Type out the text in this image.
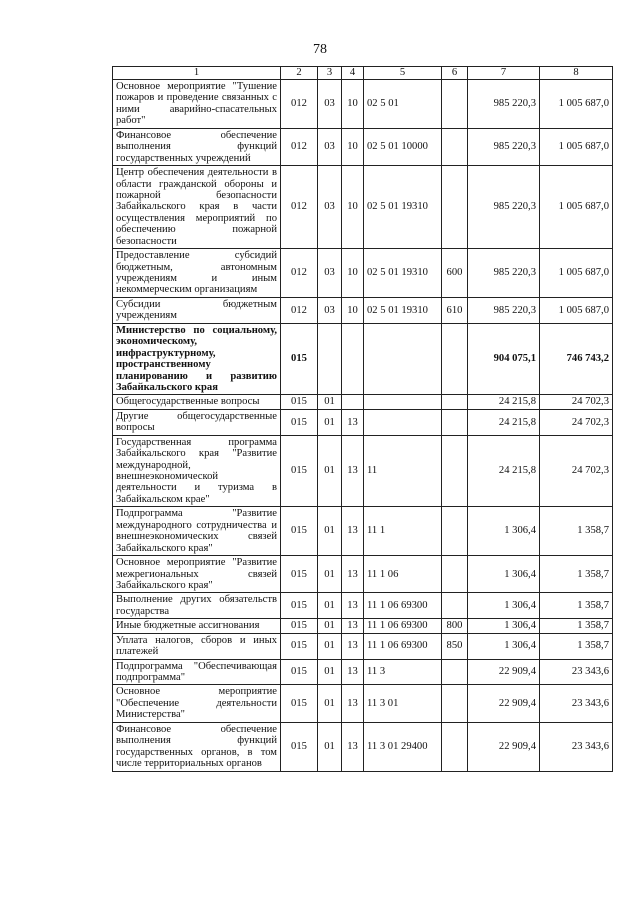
78
1	2	3	4	5	6	7	8
Основное мероприятие "Тушение пожаров и проведение связанных с ними аварийно-спасательных работ"	012	03	10	02 5 01		985 220,3	1 005 687,0
Финансовое обеспечение выполнения функций государственных учреждений	012	03	10	02 5 01 10000		985 220,3	1 005 687,0
Центр обеспечения деятельности в области гражданской обороны и пожарной безопасности Забайкальского края в части осуществления мероприятий по обеспечению пожарной безопасности	012	03	10	02 5 01 19310		985 220,3	1 005 687,0
Предоставление субсидий бюджетным, автономным учреждениям и иным некоммерческим организациям	012	03	10	02 5 01 19310	600	985 220,3	1 005 687,0
Субсидии бюджетным учреждениям	012	03	10	02 5 01 19310	610	985 220,3	1 005 687,0
Министерство по социальному, экономическому, инфраструктурному, пространственному планированию и развитию Забайкальского края	015					904 075,1	746 743,2
Общегосударственные вопросы	015	01				24 215,8	24 702,3
Другие общегосударственные вопросы	015	01	13			24 215,8	24 702,3
Государственная программа Забайкальского края "Развитие международной, внешнеэкономической деятельности и туризма в Забайкальском крае"	015	01	13	11		24 215,8	24 702,3
Подпрограмма "Развитие международного сотрудничества и внешнеэкономических связей Забайкальского края"	015	01	13	11 1		1 306,4	1 358,7
Основное мероприятие "Развитие межрегиональных связей Забайкальского края"	015	01	13	11 1 06		1 306,4	1 358,7
Выполнение других обязательств государства	015	01	13	11 1 06 69300		1 306,4	1 358,7
Иные бюджетные ассигнования	015	01	13	11 1 06 69300	800	1 306,4	1 358,7
Уплата налогов, сборов и иных платежей	015	01	13	11 1 06 69300	850	1 306,4	1 358,7
Подпрограмма "Обеспечивающая подпрограмма"	015	01	13	11 3		22 909,4	23 343,6
Основное мероприятие "Обеспечение деятельности Министерства"	015	01	13	11 3 01		22 909,4	23 343,6
Финансовое обеспечение выполнения функций государственных органов, в том числе территориальных органов	015	01	13	11 3 01 29400		22 909,4	23 343,6
